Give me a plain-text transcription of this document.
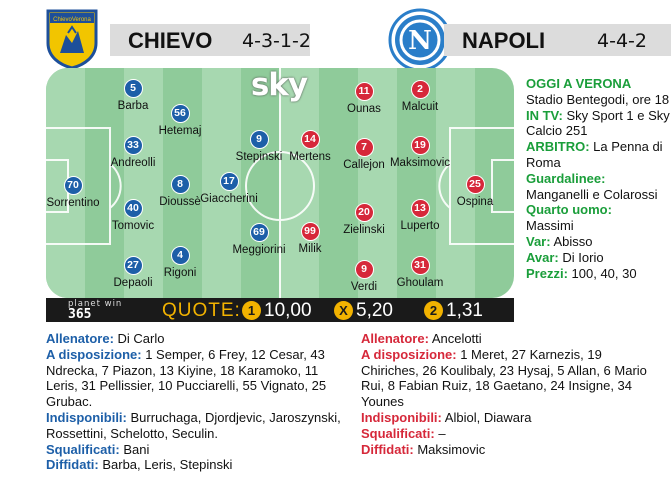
ChievoVerona
CHIEVO 4-3-1-2	N NAPOLI	4-4-2
sky
70
Sorrentino
5
Barba
33
Andreolli
40
Tomovic
27
Depaoli
56
Hetemaj
8
Dioussè
4
Rigoni
17
Giaccherini
9
Stepinski
69
Meggiorini
25
Ospina
2
Malcuit
19
Maksimovic
13
Luperto
31
Ghoulam
11
Ounas
7
Callejon
20
Zielinski
9
Verdi
14
Mertens
99
Milik
planet win
365	QUOTE: 1 10,00	X 5,20	2 1,31
OGGI A VERONA
Stadio Bentegodi, ore 18
IN TV: Sky Sport 1 e Sky Calcio 251
ARBITRO: La Penna di Roma
Guardalinee:
Manganelli e Colarossi
Quarto uomo:
Massimi
Var: Abisso
Avar: Di Iorio
Prezzi: 100, 40, 30
Allenatore: Di Carlo
A disposizione: 1 Semper, 6 Frey, 12 Cesar, 43 Ndrecka, 7 Piazon, 13 Kiyine, 18 Karamoko, 11 Leris, 31 Pellissier, 10 Pucciarelli, 55 Vignato, 25 Grubac.
Indisponibili: Burruchaga, Djordjevic, Jaroszynski, Rossettini, Schelotto, Seculin.
Squalificati: Bani
Diffidati: Barba, Leris, Stepinski
Allenatore: Ancelotti
A disposizione: 1 Meret, 27 Karnezis, 19 Chiriches, 26 Koulibaly, 23 Hysaj, 5 Allan, 6 Mario Rui, 8 Fabian Ruiz, 18 Gaetano, 24 Insigne, 34 Younes
Indisponibili: Albiol, Diawara
Squalificati: –
Diffidati: Maksimovic
